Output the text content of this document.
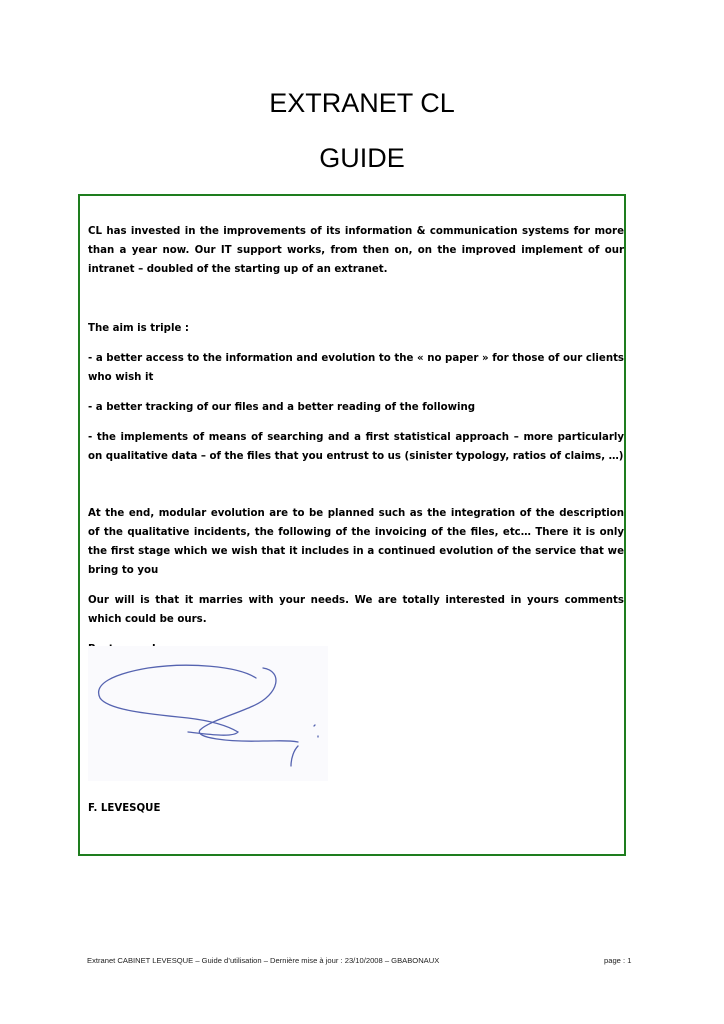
EXTRANET CL
GUIDE

CL has invested in the improvements of its information & communication systems for more than a year now. Our IT support works, from then on, on the improved implement of our intranet – doubled of the starting up of an extranet.

The aim is triple :

- a better access to the information and evolution to the « no paper » for those of our clients who wish it

- a better tracking of our files and a better reading of the following

- the implements of means of searching and a first statistical approach – more particularly on qualitative data – of the files that you entrust to us (sinister typology, ratios of claims, …)

At the end, modular evolution are to be planned such as the integration of the description of the qualitative incidents, the following of the invoicing of the files, etc… There it is only the first stage which we wish that it includes in a continued evolution of the service that we bring to you

Our will is that it marries with your needs. We are totally interested in yours comments which could be ours.

F. LEVESQUE
Extranet CABINET LEVESQUE – Guide d’utilisation – Dernière mise à jour : 23/10/2008 – GBABONAUX	page : 1
